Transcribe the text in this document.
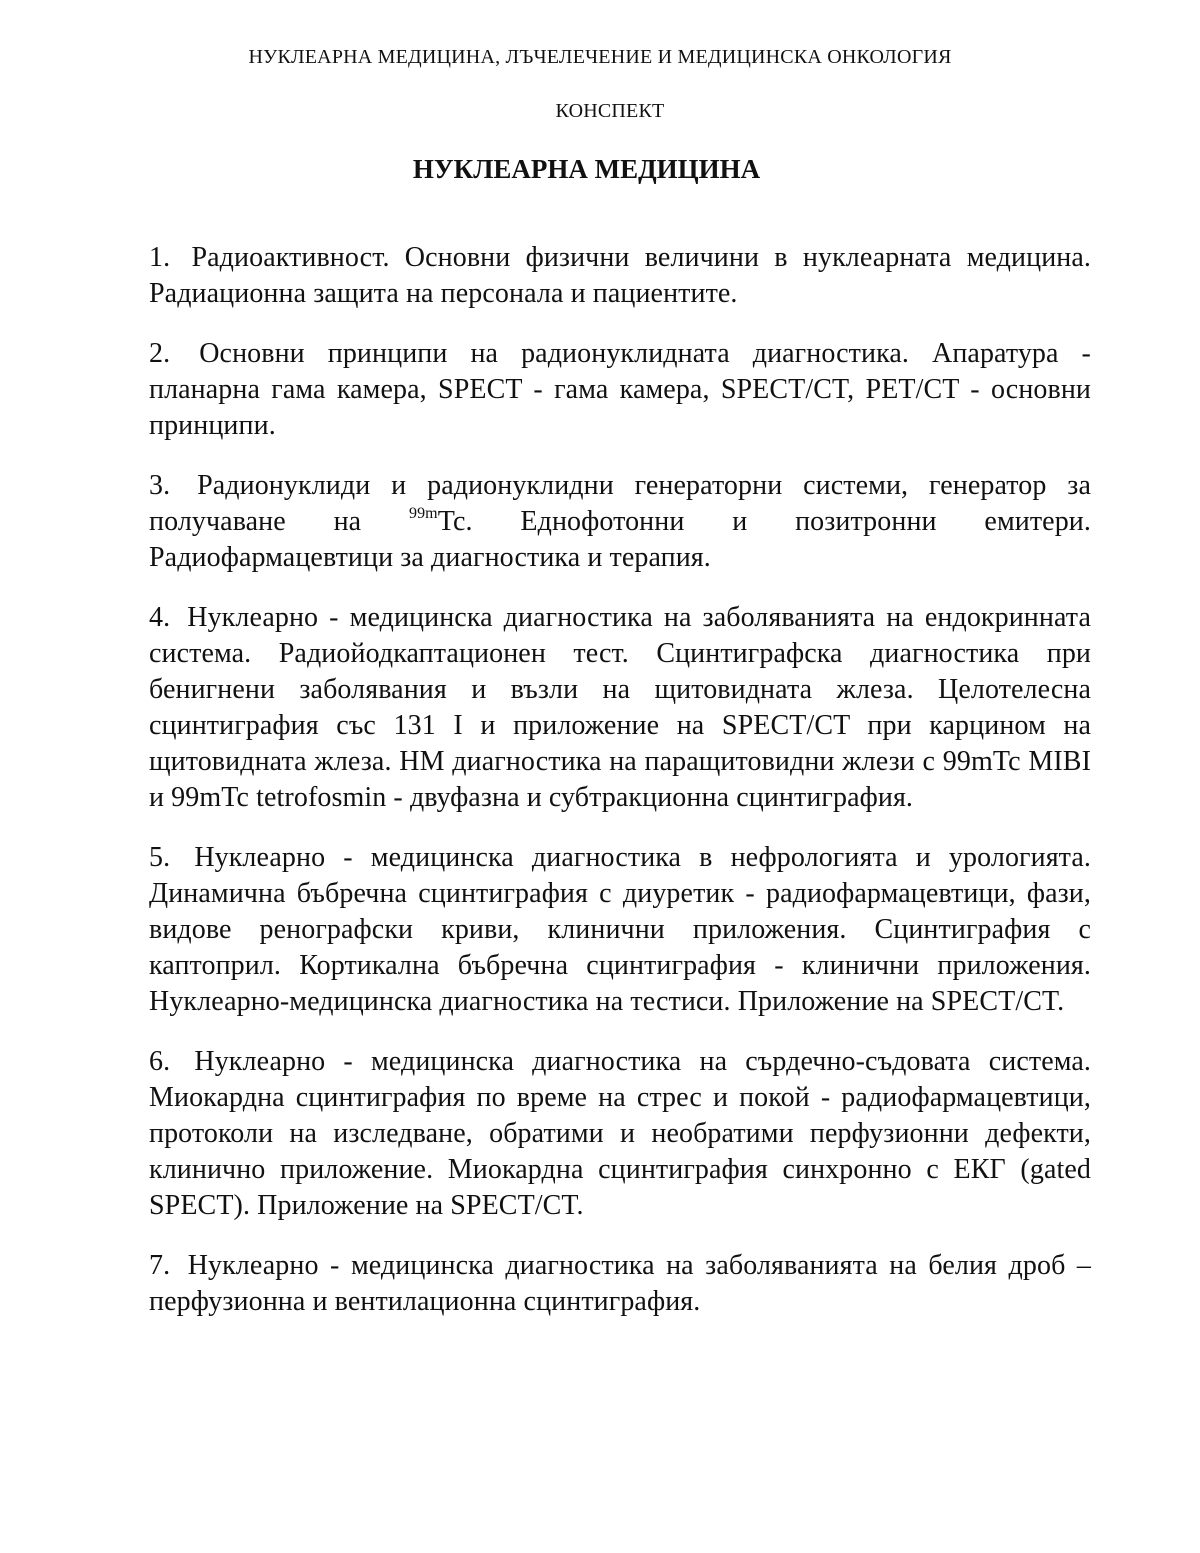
НУКЛЕАРНА МЕДИЦИНА, ЛЪЧЕЛЕЧЕНИЕ И МЕДИЦИНСКА ОНКОЛОГИЯ

КОНСПЕКТ

НУКЛЕАРНА МЕДИЦИНА
1. Радиоактивност. Основни физични величини в нуклеарната медицина. Радиационна защита на персонала и пациентите.
2. Основни принципи на радионуклидната диагностика. Апаратура - планарна гама камера, SPECT - гама камера, SPECT/CT, PET/CT - основни принципи.
3. Радионуклиди и радионуклидни генераторни системи, генератор за получаване на	$^{99m}$Tc. Еднофотонни и позитронни емитери. Радиофармацевтици за диагностика и терапия.
4. Нуклеарно - медицинска диагностика на заболяванията на ендокринната система. Радиойодкаптационен тест. Сцинтиграфска диагностика при бенигнени заболявания и възли на щитовидната жлеза. Целотелесна сцинтиграфия със 131 I и приложение на SPECT/CT при карцином на щитовидната жлеза. НМ диагностика на паращитовидни жлези с 99mTc MIBI и 99mTc tetrofosmin - двуфазна и субтракционна сцинтиграфия.
5. Нуклеарно - медицинска диагностика в нефрологията и урологията. Динамична бъбречна сцинтиграфия с диуретик - радиофармацевтици, фази, видове ренографски криви, клинични приложения. Сцинтиграфия с каптоприл. Кортикална бъбречна сцинтиграфия - клинични приложения. Нуклеарно-медицинска диагностика на тестиси. Приложение на SPECT/CT.
6. Нуклеарно - медицинска диагностика на сърдечно-съдовата система. Миокардна сцинтиграфия по време на стрес и покой - радиофармацевтици, протоколи на изследване, обратими и необратими перфузионни дефекти, клинично приложение. Миокардна сцинтиграфия синхронно с ЕКГ (gated SPECT). Приложение на SPECT/CT.
7. Нуклеарно - медицинска диагностика на заболяванията на белия дроб – перфузионна и вентилационна сцинтиграфия.
